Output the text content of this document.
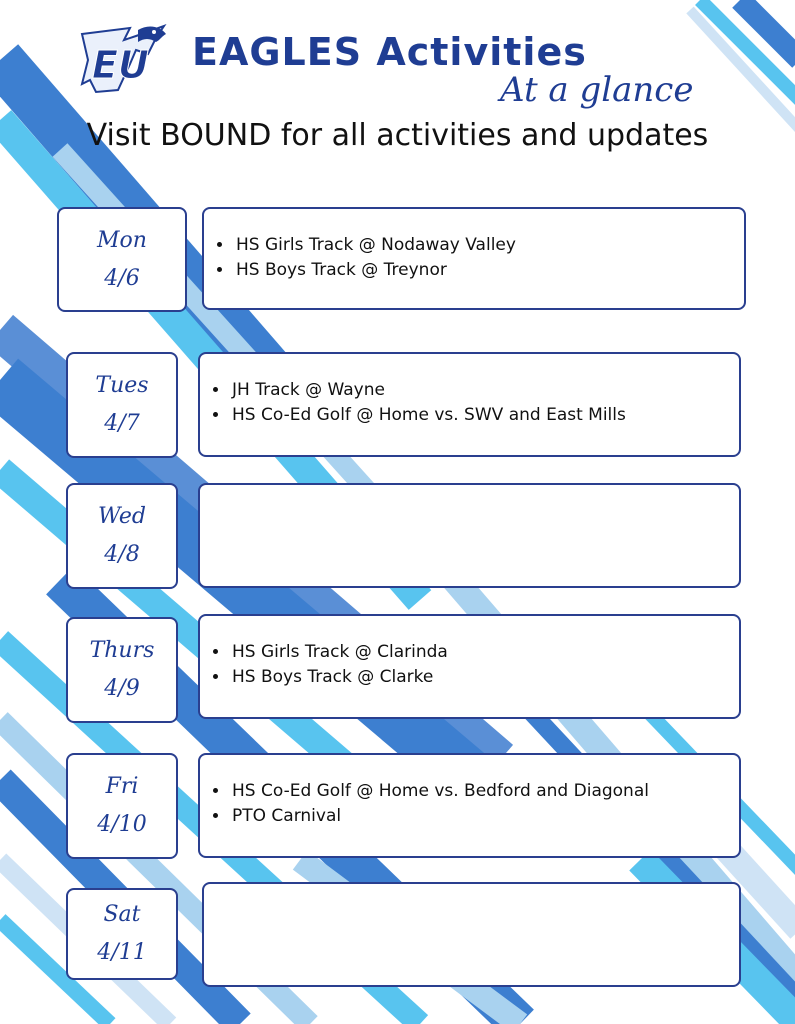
EU EAGLES Activities
At a glance
Visit BOUND for all activities and updates
Mon
4/6
• HS Girls Track @ Nodaway Valley
• HS Boys Track @ Treynor
Tues
4/7
• JH Track @ Wayne
• HS Co-Ed Golf @ Home vs. SWV and East Mills
Wed
4/8
Thurs
4/9
• HS Girls Track @ Clarinda
• HS Boys Track @ Clarke
Fri
4/10
• HS Co-Ed Golf @ Home vs. Bedford and Diagonal
• PTO Carnival
Sat
4/11
